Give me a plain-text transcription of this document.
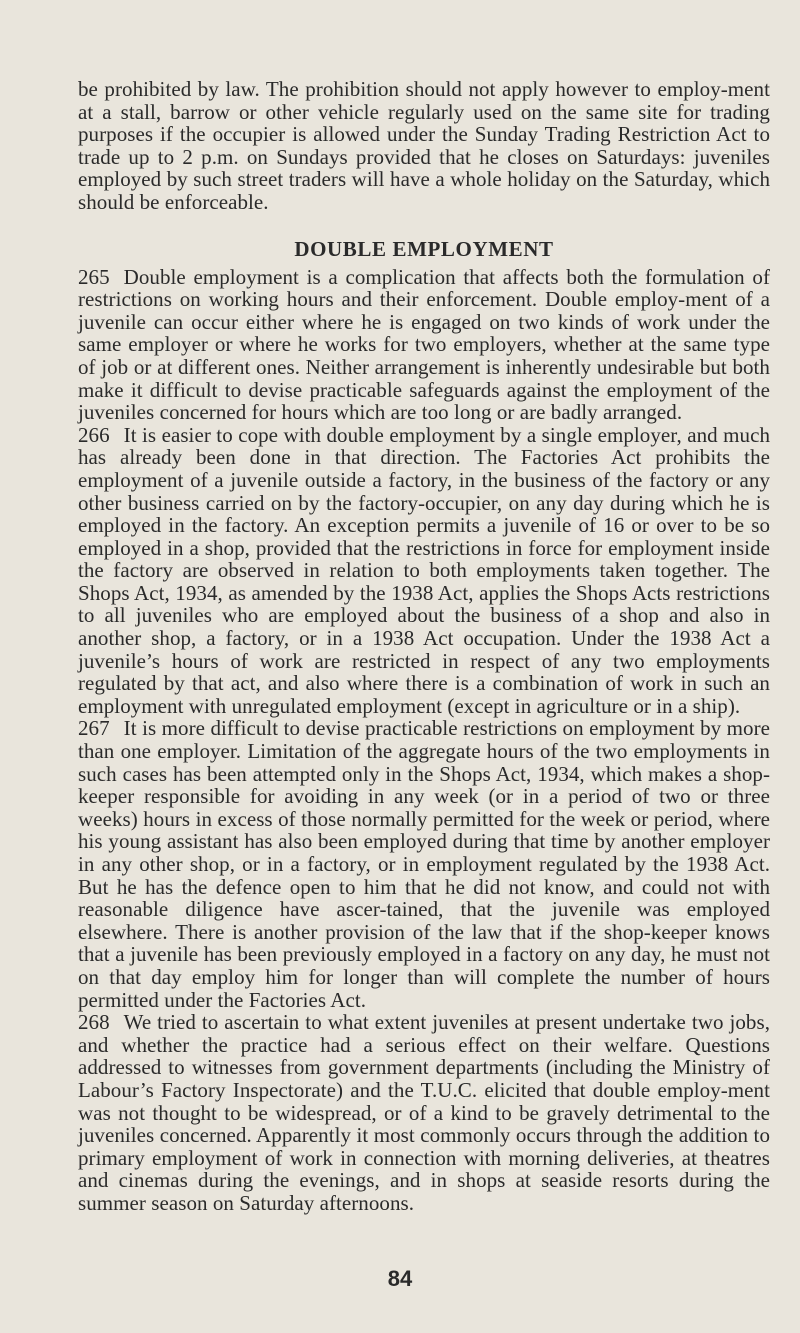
be prohibited by law. The prohibition should not apply however to employ-ment at a stall, barrow or other vehicle regularly used on the same site for trading purposes if the occupier is allowed under the Sunday Trading Restriction Act to trade up to 2 p.m. on Sundays provided that he closes on Saturdays: juveniles employed by such street traders will have a whole holiday on the Saturday, which should be enforceable.

DOUBLE EMPLOYMENT

265 Double employment is a complication that affects both the formulation of restrictions on working hours and their enforcement. Double employ-ment of a juvenile can occur either where he is engaged on two kinds of work under the same employer or where he works for two employers, whether at the same type of job or at different ones. Neither arrangement is inherently undesirable but both make it difficult to devise practicable safeguards against the employment of the juveniles concerned for hours which are too long or are badly arranged.

266 It is easier to cope with double employment by a single employer, and much has already been done in that direction. The Factories Act prohibits the employment of a juvenile outside a factory, in the business of the factory or any other business carried on by the factory-occupier, on any day during which he is employed in the factory. An exception permits a juvenile of 16 or over to be so employed in a shop, provided that the restrictions in force for employment inside the factory are observed in relation to both employments taken together. The Shops Act, 1934, as amended by the 1938 Act, applies the Shops Acts restrictions to all juveniles who are employed about the business of a shop and also in another shop, a factory, or in a 1938 Act occupation. Under the 1938 Act a juvenile’s hours of work are restricted in respect of any two employments regulated by that act, and also where there is a combination of work in such an employment with unregulated employment (except in agriculture or in a ship).

267 It is more difficult to devise practicable restrictions on employment by more than one employer. Limitation of the aggregate hours of the two employments in such cases has been attempted only in the Shops Act, 1934, which makes a shop-keeper responsible for avoiding in any week (or in a period of two or three weeks) hours in excess of those normally permitted for the week or period, where his young assistant has also been employed during that time by another employer in any other shop, or in a factory, or in employment regulated by the 1938 Act. But he has the defence open to him that he did not know, and could not with reasonable diligence have ascer-tained, that the juvenile was employed elsewhere. There is another provision of the law that if the shop-keeper knows that a juvenile has been previously employed in a factory on any day, he must not on that day employ him for longer than will complete the number of hours permitted under the Factories Act.

268 We tried to ascertain to what extent juveniles at present undertake two jobs, and whether the practice had a serious effect on their welfare. Questions addressed to witnesses from government departments (including the Ministry of Labour’s Factory Inspectorate) and the T.U.C. elicited that double employ-ment was not thought to be widespread, or of a kind to be gravely detrimental to the juveniles concerned. Apparently it most commonly occurs through the addition to primary employment of work in connection with morning deliveries, at theatres and cinemas during the evenings, and in shops at seaside resorts during the summer season on Saturday afternoons.

84
